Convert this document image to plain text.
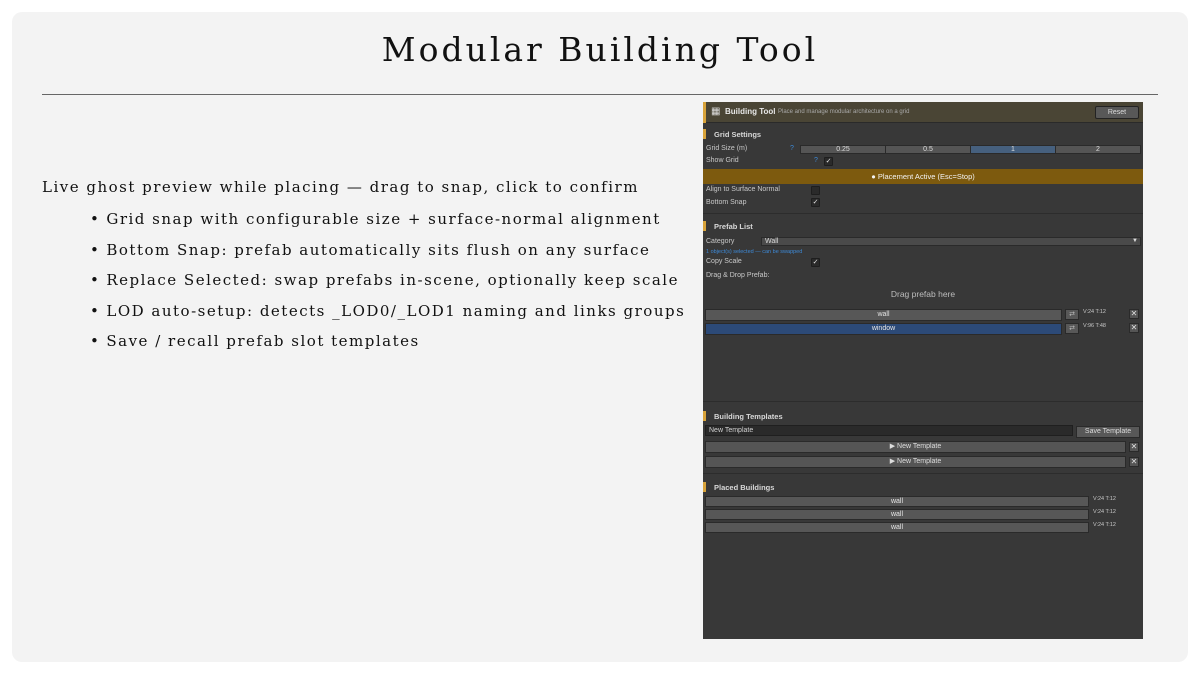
Modular Building Tool
Live ghost preview while placing — drag to snap, click to confirm
• Grid snap with configurable size + surface-normal alignment
• Bottom Snap: prefab automatically sits flush on any surface
• Replace Selected: swap prefabs in-scene, optionally keep scale
• LOD auto-setup: detects _LOD0/_LOD1 naming and links groups
• Save / recall prefab slot templates
▦ Building Tool Place and manage modular architecture on a grid	Reset
Grid Settings
Grid Size (m)	?	0.25	0.5	1	2
Show Grid	? ✓
● Placement Active (Esc=Stop)
Align to Surface Normal
Bottom Snap	✓
Prefab List
Category	Wall	▼
1 object(s) selected — can be swapped
Copy Scale	✓
Drag & Drop Prefab:
Drag prefab here
wall	⇄	V:24 T:12	✕
window	⇄	V:96 T:48	✕
Building Templates
New Template	Save Template
▶ New Template	✕
▶ New Template	✕
Placed Buildings
wall	V:24 T:12
wall	V:24 T:12
wall	V:24 T:12
